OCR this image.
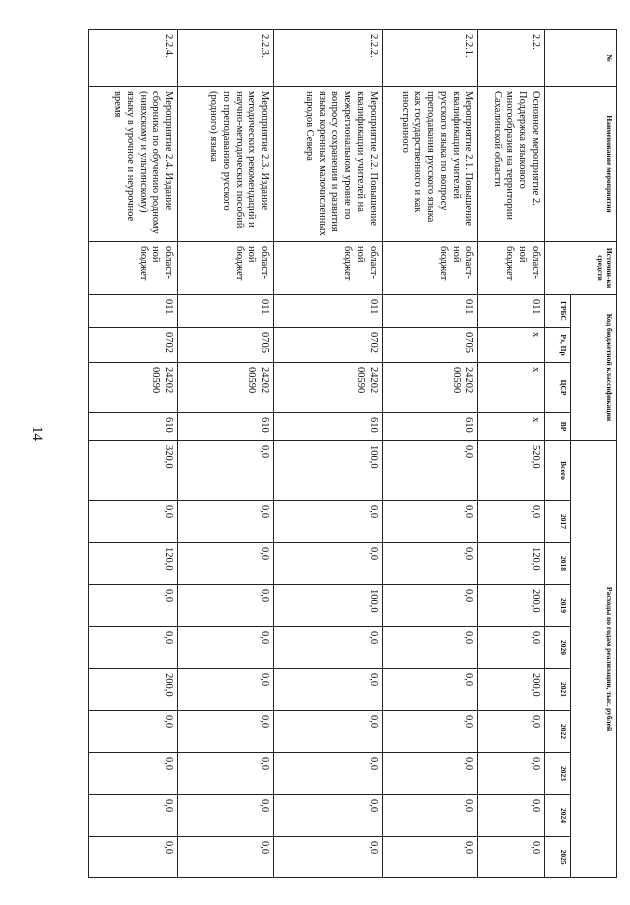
14
№	Наименование мероприятия	Источни-ки средств	Код бюджетной классификации				Расходы по годам реализации, тыс. рублей									
			ГРБС	Рз, Пр	ЦСР	ВР	Всего	2017	2018	2019	2020	2021	2022	2023	2024	2025
2.2.	Основное мероприятие 2. Поддержка языкового многообразия на территории Сахалинской области	област-ной бюджет	011	х	х	х	520,0	0,0	120,0	200,0	0,0	200,0	0,0	0,0	0,0	0,0
2.2.1.	Мероприятие 2.1. Повышение квалификации учителей русского языка по вопросу преподавания русского языка как государственного и как иностранного	област-ной бюджет	011	0705	24202 00590	610	0,0	0,0	0,0	0,0	0,0	0,0	0,0	0,0	0,0	0,0
2.2.2.	Мероприятие 2.2. Повышение квалификации учителей на межрегиональном уровне по вопросу сохранения и развития языка коренных малочисленных народов Севера	област-ной бюджет	011	0702	24202 00590	610	100,0	0,0	0,0	100,0	0,0	0,0	0,0	0,0	0,0	0,0
2.2.3.	Мероприятие 2.3. Издание методических рекомендаций и научно-методических пособий по преподаванию русского (родного) языка	област-ной бюджет	011	0705	24202 00590	610	0,0	0,0	0,0	0,0	0,0	0,0	0,0	0,0	0,0	0,0
2.2.4.	Мероприятие 2.4. Издание сборника по обучению родному (нивхскому и ультинскому) языку в урочное и неурочное время	област-ной бюджет	011	0702	24202 00590	610	320,0	0,0	120,0	0,0	0,0	200,0	0,0	0,0	0,0	0,0
